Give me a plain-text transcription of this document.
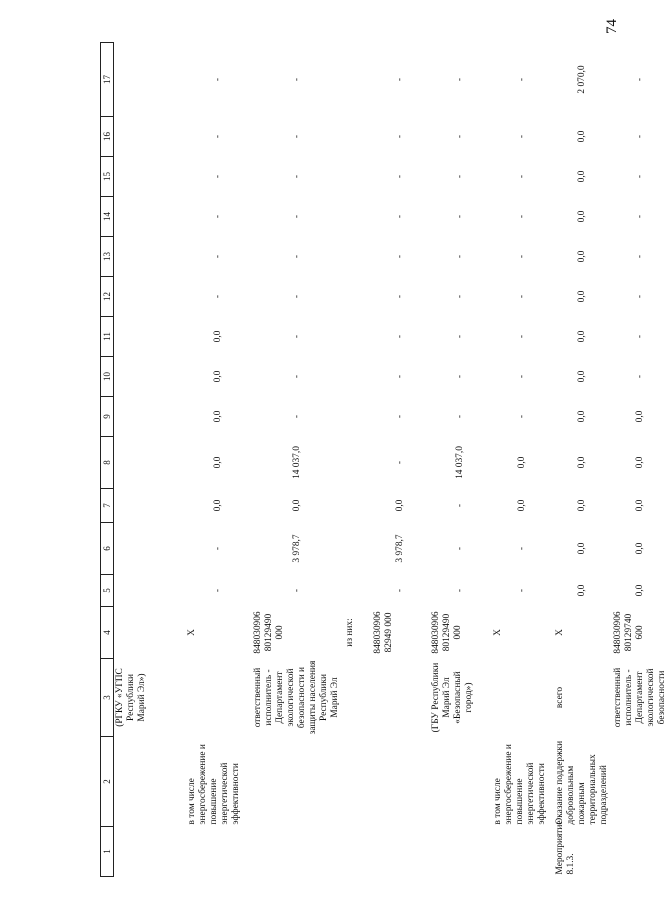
74
1	2	3	4	5	6	7	8	9	10	11	12	13	14	15	16	17
		(РГКУ «УГПС Республики Марий Эл»)														
	в том числе энергосбережение и повышение энергетической эффективности		X	-	-	0,0	0,0	0,0	0,0	0,0	-	-	-	-	-	-
		ответственный исполнитель - Департамент экологической безопасности и защиты населения Республики Марий Эл	848030906 80129490 000	-	3 978,7	0,0	14 037,0	-	-	-	-	-	-	-	-	-
			из них:													
			848030906 82949 000	-	3 978,7	0,0	-	-	-	-	-	-	-	-	-	-
		(ГБУ Республики Марий Эл «Безопасный город»)	848030906 80129490 000	-	-	-	14 037,0	-	-	-	-	-	-	-	-	-
	в том числе энергосбережение и повышение энергетической эффективности		X	-	-	0,0	0,0	-	-	-	-	-	-	-	-	-
Мероприятие 8.1.3.	Оказание поддержки добровольным пожарным территориальных подразделений	всего	X	0,0	0,0	0,0	0,0	0,0	0,0	0,0	0,0	0,0	0,0	0,0	0,0	2 070,0
		ответственный исполнитель - Департамент экологической безопасности	848030906 80129740 600	0,0	0,0	0,0	0,0	0,0	-	-	-	-	-	-	-	-
